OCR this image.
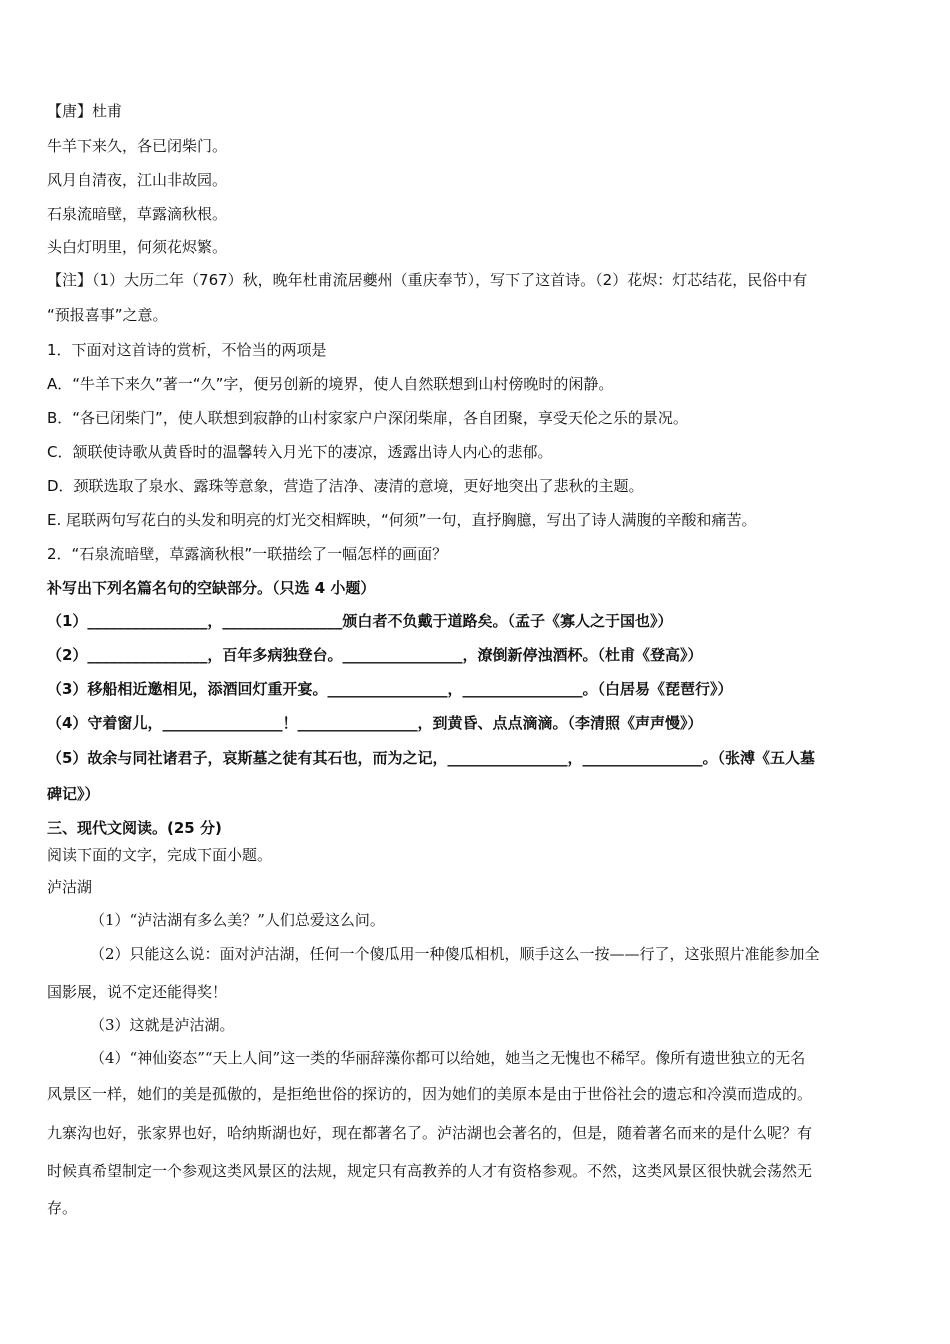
【唐】杜甫
牛羊下来久，各已闭柴门。
风月自清夜，江山非故园。
石泉流暗壁，草露滴秋根。
头白灯明里，何须花烬繁。
【注】（1）大历二年（767）秋，晚年杜甫流居夔州（重庆奉节），写下了这首诗。（2）花烬：灯芯结花，民俗中有
“预报喜事”之意。
1．下面对这首诗的赏析，不恰当的两项是
A．“牛羊下来久”著一“久”字，便另创新的境界，使人自然联想到山村傍晚时的闲静。
B．“各已闭柴门”，使人联想到寂静的山村家家户户深闭柴扉，各自团聚，享受天伦之乐的景况。
C．颔联使诗歌从黄昏时的温馨转入月光下的凄凉，透露出诗人内心的悲郁。
D．颈联选取了泉水、露珠等意象，营造了洁净、凄清的意境，更好地突出了悲秋的主题。
E. 尾联两句写花白的头发和明亮的灯光交相辉映，“何须”一句，直抒胸臆，写出了诗人满腹的辛酸和痛苦。
2．“石泉流暗壁，草露滴秋根”一联描绘了一幅怎样的画面？
补写出下列名篇名句的空缺部分。（只选 4 小题）
（1）________________，________________颁白者不负戴于道路矣。（孟子《寡人之于国也》）
（2）________________，百年多病独登台。________________，潦倒新停浊酒杯。（杜甫《登高》）
（3）移船相近邀相见，添酒回灯重开宴。________________，________________。（白居易《琵琶行》）
（4）守着窗儿，________________！________________，到黄昏、点点滴滴。（李清照《声声慢》）
（5）故余与同社诸君子，哀斯墓之徒有其石也，而为之记，________________，________________。（张溥《五人墓
碑记》）
三、现代文阅读。(25 分)
阅读下面的文字，完成下面小题。
泸沽湖
（1）“泸沽湖有多么美？”人们总爱这么问。
（2）只能这么说：面对泸沽湖，任何一个傻瓜用一种傻瓜相机，顺手这么一按——行了，这张照片准能参加全
国影展，说不定还能得奖！
（3）这就是泸沽湖。
（4）“神仙姿态”“天上人间”这一类的华丽辞藻你都可以给她，她当之无愧也不稀罕。像所有遗世独立的无名
风景区一样，她们的美是孤傲的，是拒绝世俗的探访的，因为她们的美原本是由于世俗社会的遗忘和冷漠而造成的。
九寨沟也好，张家界也好，哈纳斯湖也好，现在都著名了。泸沽湖也会著名的，但是，随着著名而来的是什么呢？有
时候真希望制定一个参观这类风景区的法规，规定只有高教养的人才有资格参观。不然，这类风景区很快就会荡然无
存。
